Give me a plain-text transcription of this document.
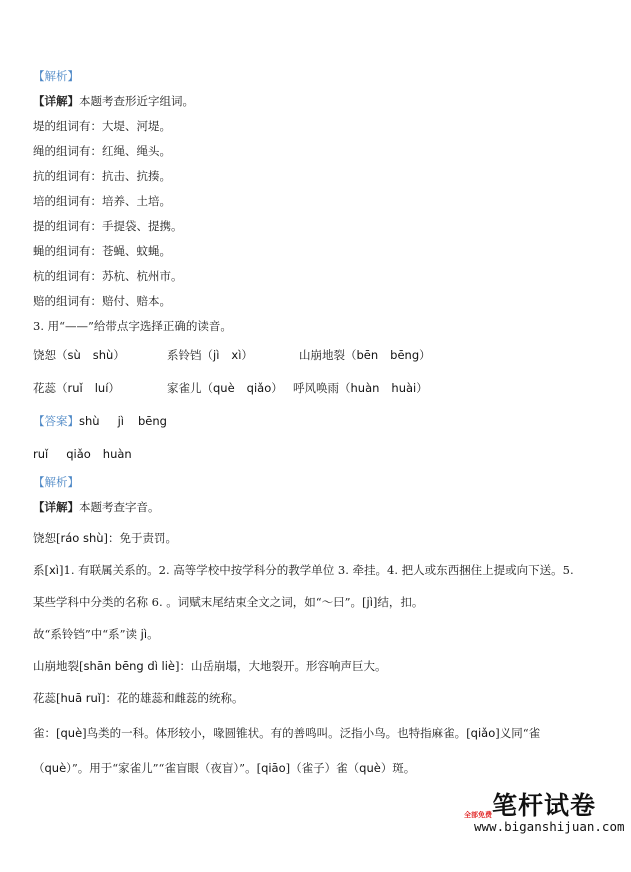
【解析】
【详解】本题考查形近字组词。
堤的组词有：大堤、河堤。
绳的组词有：红绳、绳头。
抗的组词有：抗击、抗揍。
培的组词有：培养、土培。
提的组词有：手提袋、提携。
蝇的组词有：苍蝇、蚊蝇。
杭的组词有：苏杭、杭州市。
赔的组词有：赔付、赔本。
3. 用“——”给带点字选择正确的读音。
饶恕（sù shù）	系铃铛（jì xì）	山崩地裂（bēn bēng）
花蕊（ruǐ luí）	家雀儿（què qiǎo） 呼风唤雨（huàn huài）
【答案】shù jì bēng
ruǐ qiǎo huàn
【解析】
【详解】本题考查字音。
饶恕[ráo shù]：免于责罚。
系[xì]1. 有联属关系的。2. 高等学校中按学科分的教学单位 3. 牵挂。4. 把人或东西捆住上提或向下送。5.
某些学科中分类的名称 6. 。词赋末尾结束全文之词，如“～曰”。[jì]结，扣。
故“系铃铛”中“系”读 jì。
山崩地裂[shān bēng dì liè]：山岳崩塌，大地裂开。形容响声巨大。
花蕊[huā ruǐ]：花的雄蕊和雌蕊的统称。
雀：[què]鸟类的一科。体形较小，喙圆锥状。有的善鸣叫。泛指小鸟。也特指麻雀。[qiǎo]义同“雀
（què）”。用于“家雀儿”“雀盲眼（夜盲）”。[qiāo]（雀子）雀（què）斑。
笔杆试卷
全部免费
www.biganshijuan.com
